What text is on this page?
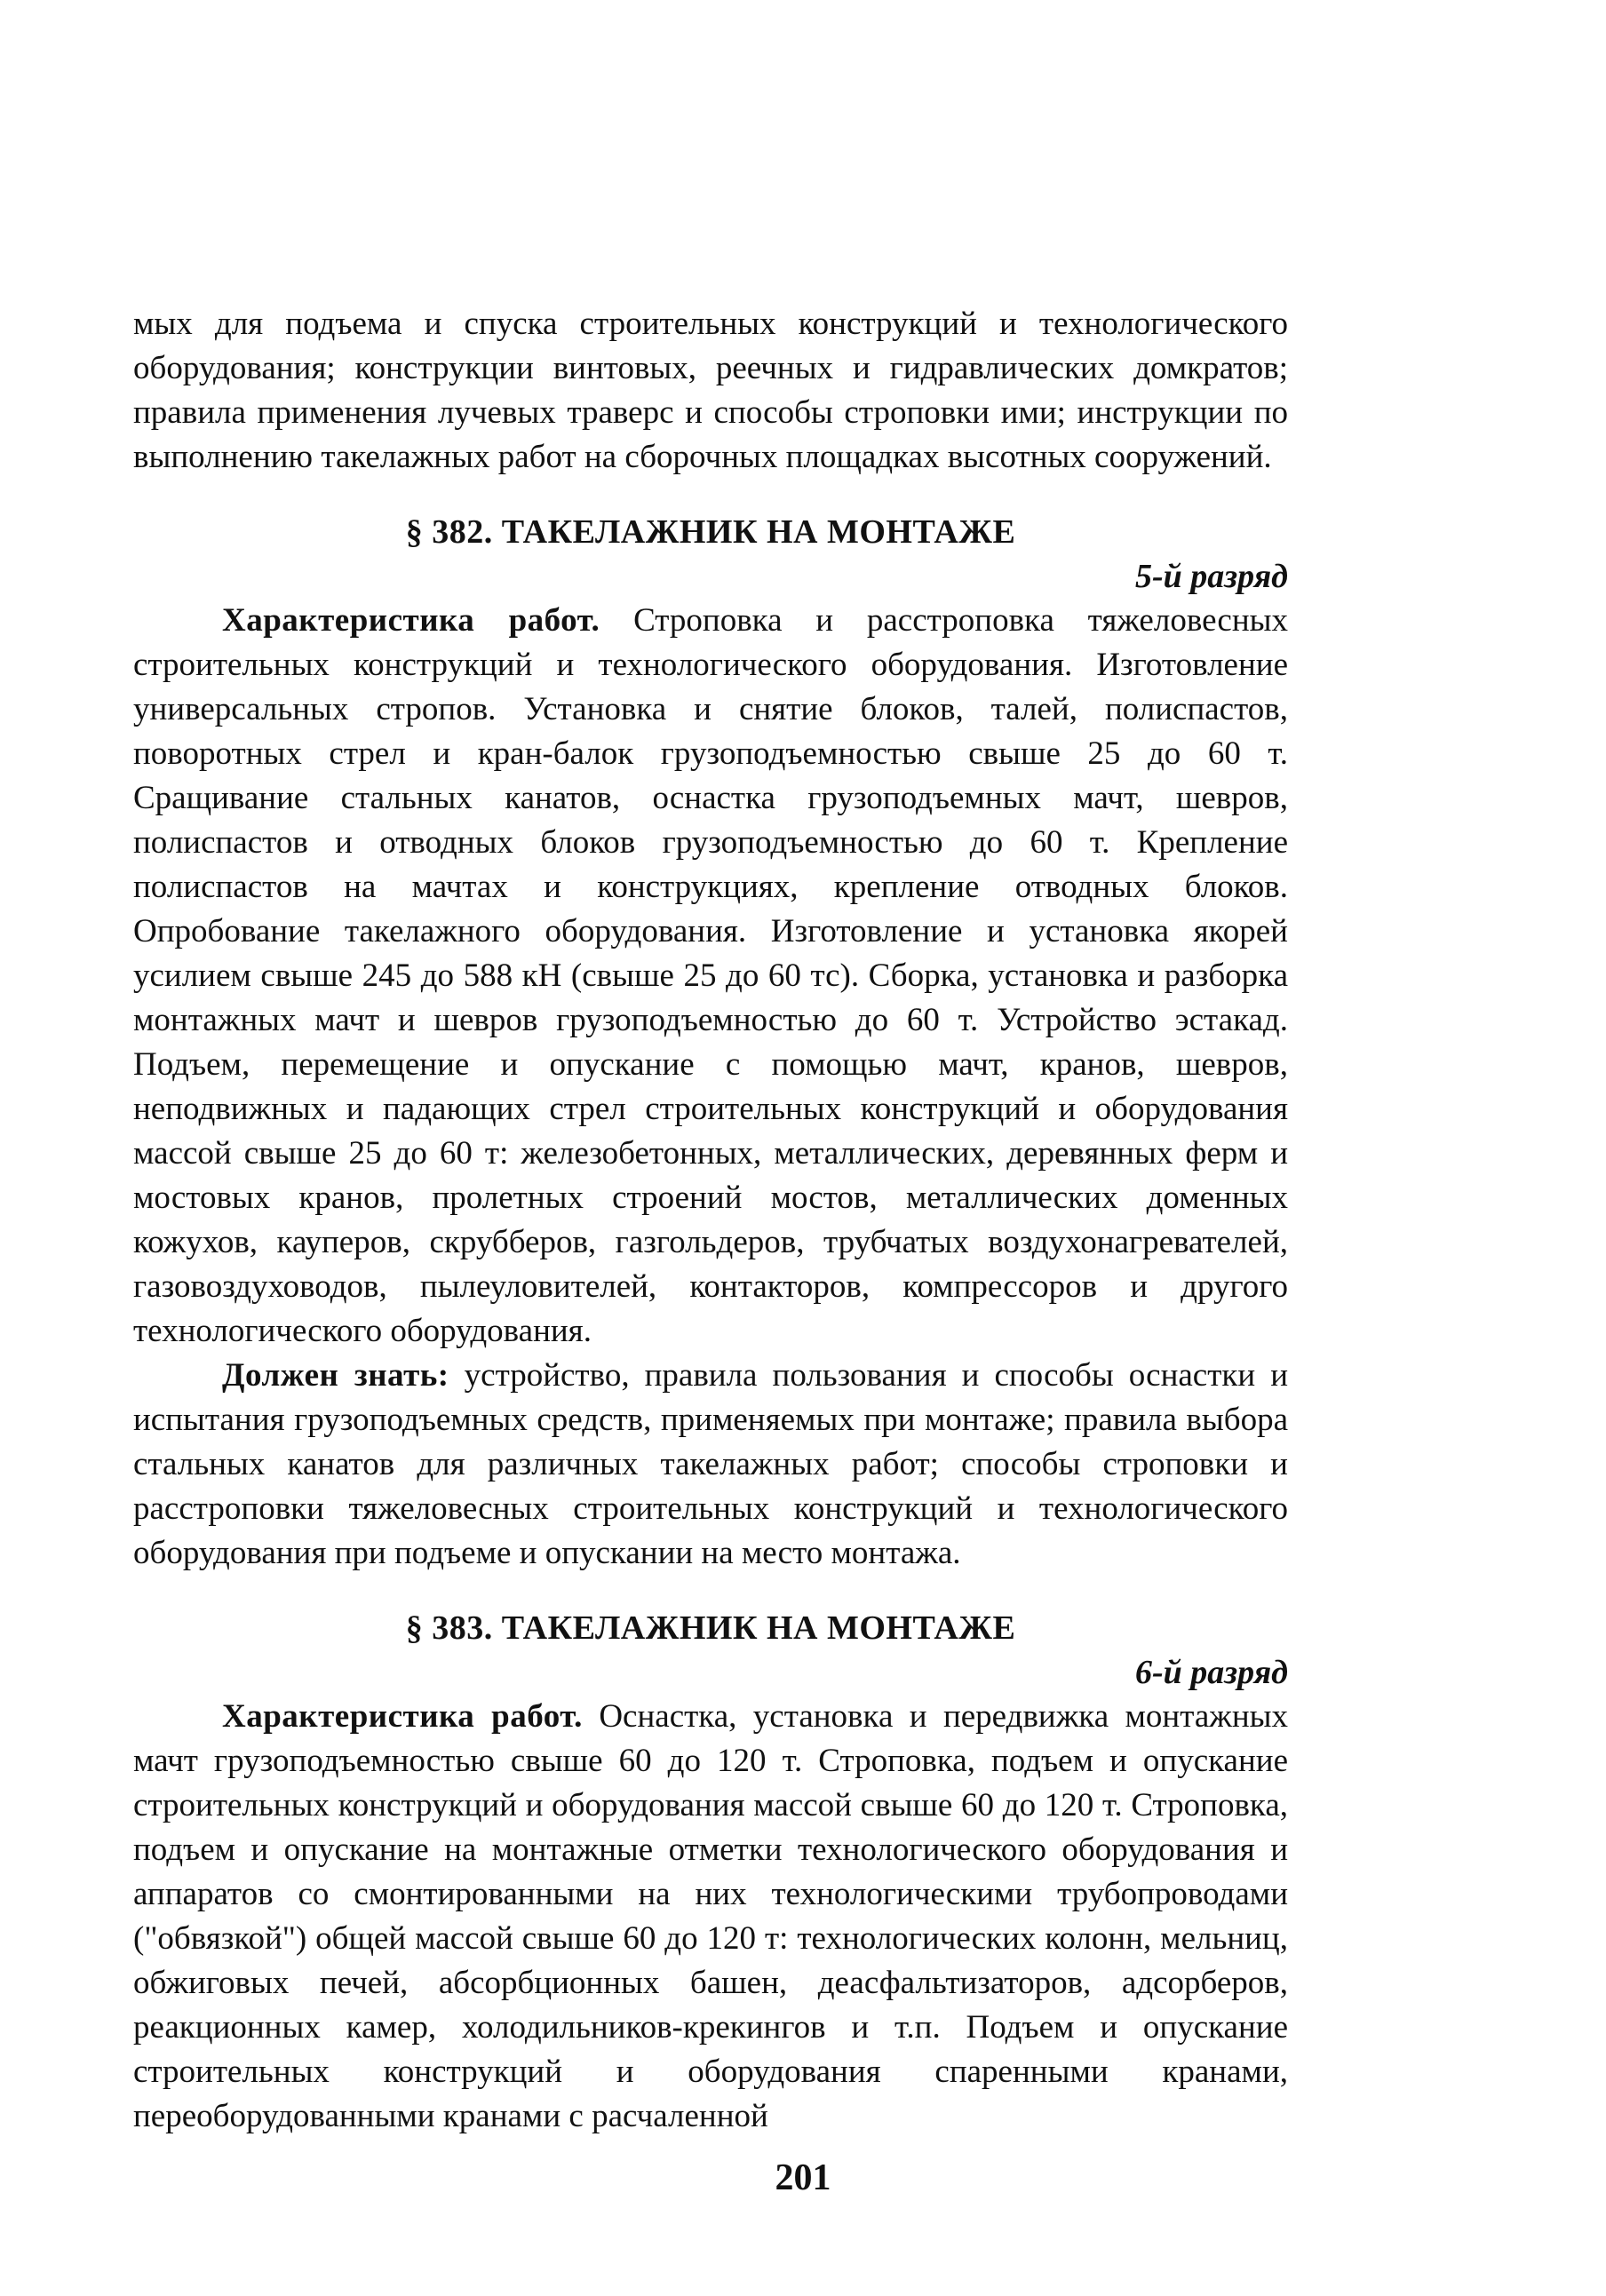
мых для подъема и спуска строительных конструкций и технологического оборудования; конструкции винтовых, реечных и гидравлических домкратов; правила применения лучевых траверс и способы строповки ими; инструкции по выполнению такелажных работ на сборочных площадках высотных сооружений.

§ 382. ТАКЕЛАЖНИК НА МОНТАЖЕ

5-й разряд

Характеристика работ. Строповка и расстроповка тяжеловесных строительных конструкций и технологического оборудования. Изготовление универсальных стропов. Установка и снятие блоков, талей, полиспастов, поворотных стрел и кран-балок грузоподъемностью свыше 25 до 60 т. Сращивание стальных канатов, оснастка грузоподъемных мачт, шевров, полиспастов и отводных блоков грузоподъемностью до 60 т. Крепление полиспастов на мачтах и конструкциях, крепление отводных блоков. Опробование такелажного оборудования. Изготовление и установка якорей усилием свыше 245 до 588 кН (свыше 25 до 60 тс). Сборка, установка и разборка монтажных мачт и шевров грузоподъемностью до 60 т. Устройство эстакад. Подъем, перемещение и опускание с помощью мачт, кранов, шевров, неподвижных и падающих стрел строительных конструкций и оборудования массой свыше 25 до 60 т: железобетонных, металлических, деревянных ферм и мостовых кранов, пролетных строений мостов, металлических доменных кожухов, кауперов, скрубберов, газгольдеров, трубчатых воздухонагревателей, газовоздуховодов, пылеуловителей, контакторов, компрессоров и другого технологического оборудования.

Должен знать: устройство, правила пользования и способы оснастки и испытания грузоподъемных средств, применяемых при монтаже; правила выбора стальных канатов для различных такелажных работ; способы строповки и расстроповки тяжеловесных строительных конструкций и технологического оборудования при подъеме и опускании на место монтажа.

§ 383. ТАКЕЛАЖНИК НА МОНТАЖЕ

6-й разряд

Характеристика работ. Оснастка, установка и передвижка монтажных мачт грузоподъемностью свыше 60 до 120 т. Строповка, подъем и опускание строительных конструкций и оборудования массой свыше 60 до 120 т. Строповка, подъем и опускание на монтажные отметки технологического оборудования и аппаратов со смонтированными на них технологическими трубопроводами ("обвязкой") общей массой свыше 60 до 120 т: технологических колонн, мельниц, обжиговых печей, абсорбционных башен, деасфальтизаторов, адсорберов, реакционных камер, холодильников-крекингов и т.п. Подъем и опускание строительных конструкций и оборудования спаренными кранами, переоборудованными кранами с расчаленной

201
